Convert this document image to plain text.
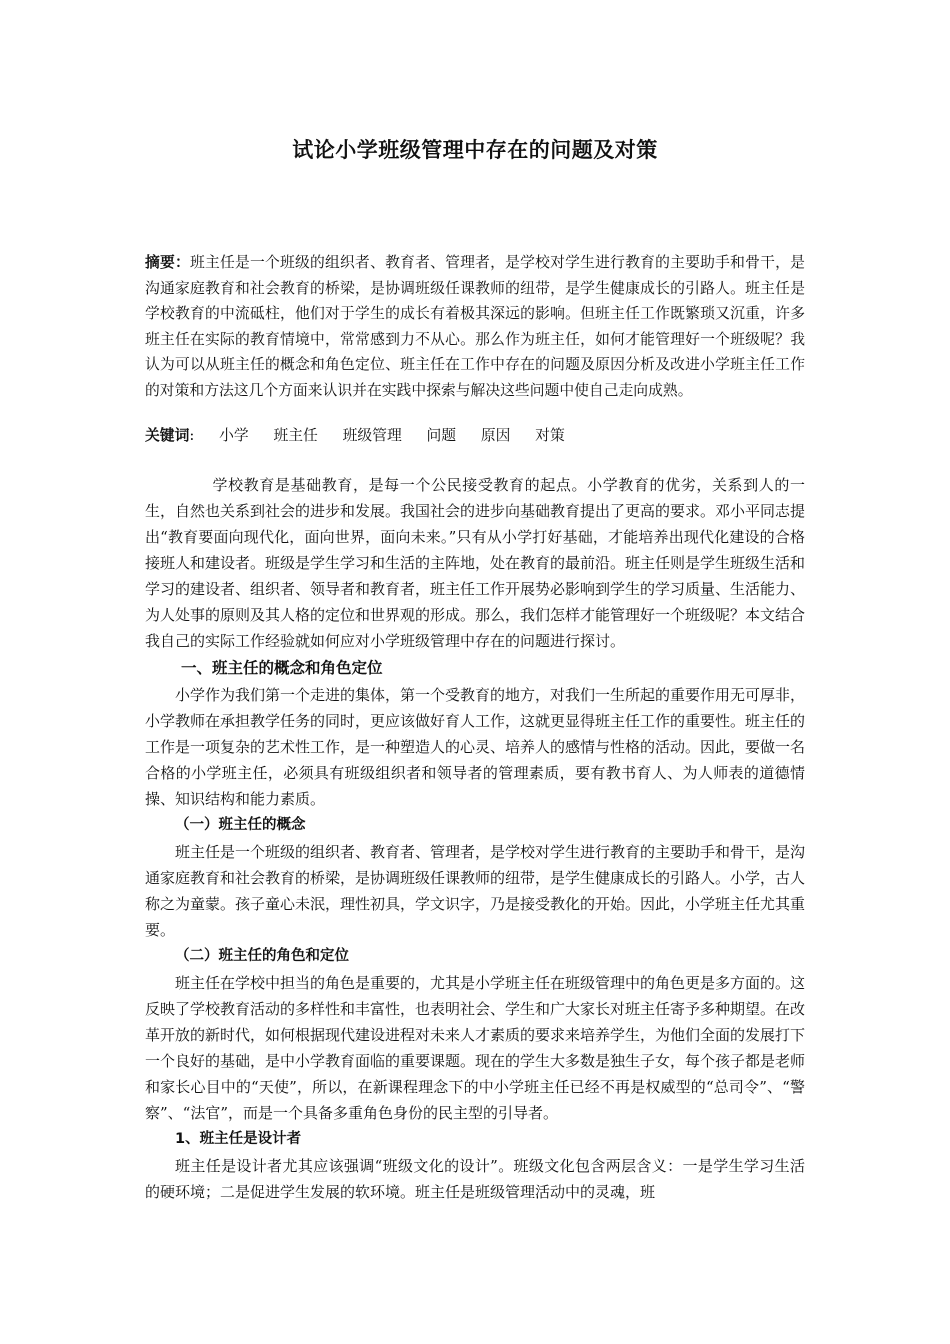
试论小学班级管理中存在的问题及对策
摘要：班主任是一个班级的组织者、教育者、管理者，是学校对学生进行教育的主要助手和骨干，是沟通家庭教育和社会教育的桥梁，是协调班级任课教师的纽带，是学生健康成长的引路人。班主任是学校教育的中流砥柱，他们对于学生的成长有着极其深远的影响。但班主任工作既繁琐又沉重，许多班主任在实际的教育情境中，常常感到力不从心。那么作为班主任，如何才能管理好一个班级呢？我认为可以从班主任的概念和角色定位、班主任在工作中存在的问题及原因分析及改进小学班主任工作的对策和方法这几个方面来认识并在实践中探索与解决这些问题中使自己走向成熟。
关键词: 小学 班主任 班级管理 问题 原因 对策

学校教育是基础教育，是每一个公民接受教育的起点。小学教育的优劣，关系到人的一生，自然也关系到社会的进步和发展。我国社会的进步向基础教育提出了更高的要求。邓小平同志提出“教育要面向现代化，面向世界，面向未来。”只有从小学打好基础，才能培养出现代化建设的合格接班人和建设者。班级是学生学习和生活的主阵地，处在教育的最前沿。班主任则是学生班级生活和学习的建设者、组织者、领导者和教育者，班主任工作开展势必影响到学生的学习质量、生活能力、为人处事的原则及其人格的定位和世界观的形成。那么，我们怎样才能管理好一个班级呢？本文结合我自己的实际工作经验就如何应对小学班级管理中存在的问题进行探讨。

一、班主任的概念和角色定位

小学作为我们第一个走进的集体，第一个受教育的地方，对我们一生所起的重要作用无可厚非，小学教师在承担教学任务的同时，更应该做好育人工作，这就更显得班主任工作的重要性。班主任的工作是一项复杂的艺术性工作，是一种塑造人的心灵、培养人的感情与性格的活动。因此，要做一名合格的小学班主任，必须具有班级组织者和领导者的管理素质，要有教书育人、为人师表的道德情操、知识结构和能力素质。

（一）班主任的概念

班主任是一个班级的组织者、教育者、管理者，是学校对学生进行教育的主要助手和骨干，是沟通家庭教育和社会教育的桥梁，是协调班级任课教师的纽带，是学生健康成长的引路人。小学，古人称之为童蒙。孩子童心未泯，理性初具，学文识字，乃是接受教化的开始。因此，小学班主任尤其重要。

（二）班主任的角色和定位

班主任在学校中担当的角色是重要的，尤其是小学班主任在班级管理中的角色更是多方面的。这反映了学校教育活动的多样性和丰富性，也表明社会、学生和广大家长对班主任寄予多种期望。在改革开放的新时代，如何根据现代建设进程对未来人才素质的要求来培养学生，为他们全面的发展打下一个良好的基础，是中小学教育面临的重要课题。现在的学生大多数是独生子女，每个孩子都是老师和家长心目中的“天使”，所以，在新课程理念下的中小学班主任已经不再是权威型的“总司令”、“警察”、“法官”，而是一个具备多重角色身份的民主型的引导者。

1、班主任是设计者

班主任是设计者尤其应该强调“班级文化的设计”。班级文化包含两层含义：一是学生学习生活的硬环境；二是促进学生发展的软环境。班主任是班级管理活动中的灵魂，班
